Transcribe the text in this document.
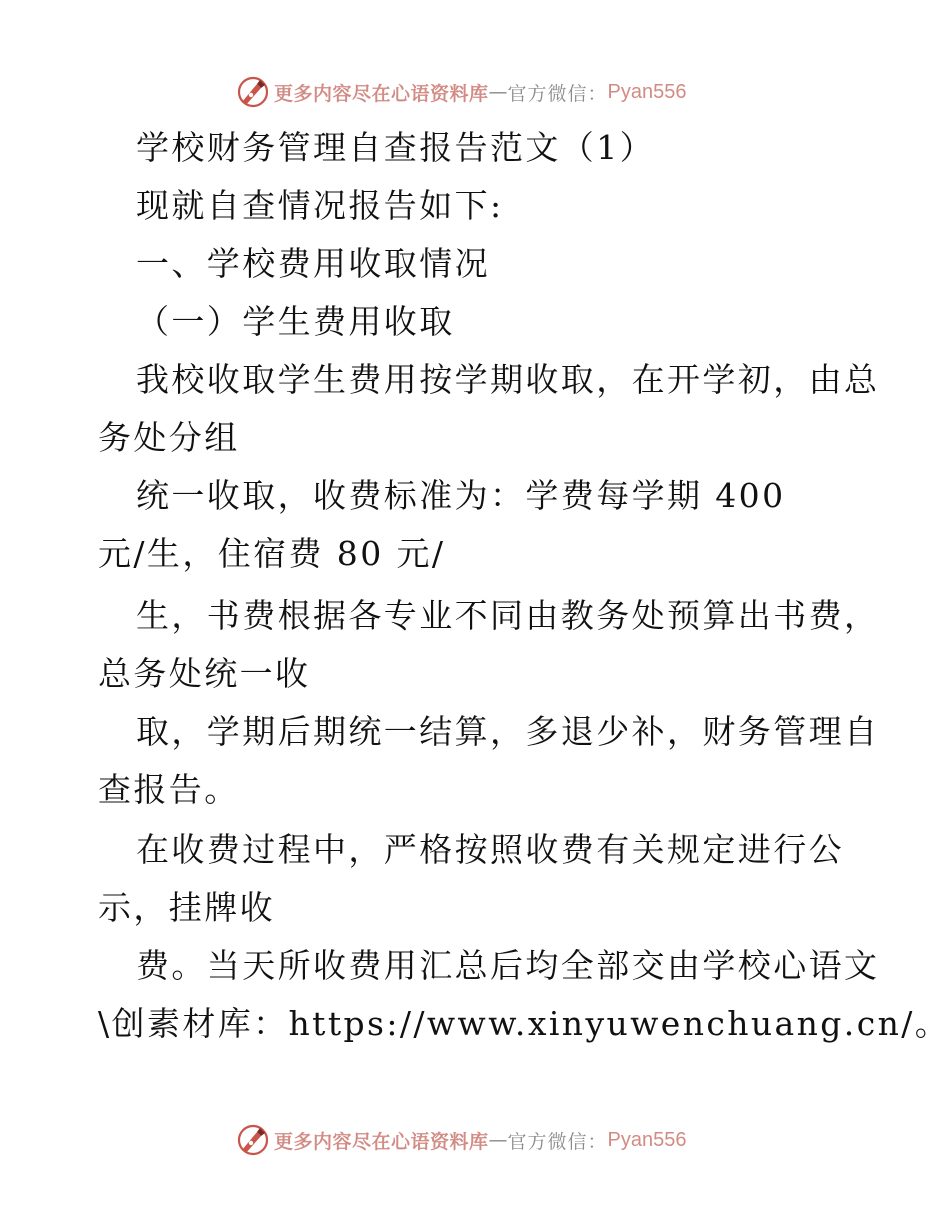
更多内容尽在心语资料库 — 官方微信： Pyan556
学校财务管理自查报告范文（1）
现就自查情况报告如下:
一、学校费用收取情况
（一）学生费用收取
我校收取学生费用按学期收取，在开学初，由总
务处分组
统一收取，收费标准为：学费每学期 400
元/生，住宿费 80 元/
生，书费根据各专业不同由教务处预算出书费，
总务处统一收
取，学期后期统一结算，多退少补，财务管理自
查报告。
在收费过程中，严格按照收费有关规定进行公
示，挂牌收
费。当天所收费用汇总后均全部交由学校心语文
\创素材库：https://www.xinyuwenchuang.cn/。
更多内容尽在心语资料库 — 官方微信： Pyan556
